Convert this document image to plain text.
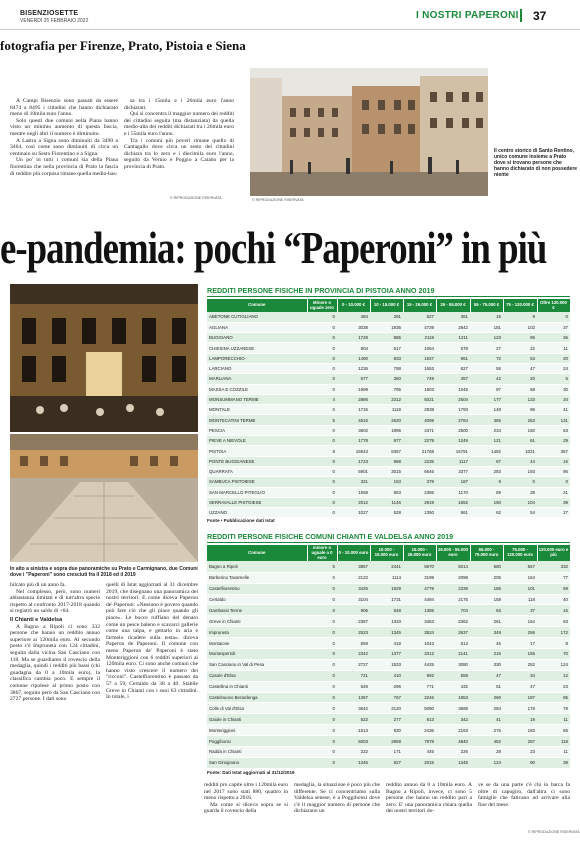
BISENZIOSETTE
VENERDÌ 25 FEBBRAIO 2022	I NOSTRI PAPERONI 37
fotografia per Firenze, Prato, Pistoia e Siena

A Campi Bisenzio sono passati da essere 8474 a 8495 i cittadini che hanno dichiarato meno di 10mila euro l'anno.

Solo questi due comuni nella Piana hanno visto un minimo aumento di questa fascia, mentre negli altri il numero è diminuito.

A Lastra a Signa sono diminuiti da 3490 a 3464, così come sono diminuiti di circa un centinaio su Sesto Fiorentino e a Signa.

Un po' in tutti i comuni sia della Piana fiorentina che nella provincia di Prato la fascia di reddito più corposa rimane quella medio-bas-

sa tra i 15mila e i 26mila euro l'anno dichiarati.

Qui si concentra il maggior numero dei redditi dei cittadini seguita (ma distanziata) da quella medio-alta dei redditi dichiarati tra i 26mila euro e i 55mila euro l'anno.

Tra i comuni più poveri rimane quello di Cantagallo dove circa un sesto dei cittadini dichiara tra lo zero e i diecimila euro l'anno, seguito da Vernio e Poggio a Caiano per la provincia di Prato.

© RIPRODUZIONE RISERVATA
Il centro storico di Santo Rentino, unico comune insieme a Prato dove si trovano persone che hanno dichiarato di non possedere niente
© RIPRODUZIONE RISERVATA
e-pandemia: pochi “Paperoni” in più
In alto a sinistra e sopra due panoramiche su Prato e Carmignano, due Comuni dove i "Paperoni" sono cresciuti fra il 2018 ed il 2019

bilcato più di un anno fa.

Nel complesso, però, sono numeri abbastanza limitati e di tutt'altra specie rispetto al confronto 2017-2018 quando si registrò un saldo di +84.

Il Chianti e Valdelsa

A Bagno a Ripoli ci sono 332 persone che hanno un reddito annuo superiore ai 120mila euro. Al secondo posto c'è Impruneta con 124 cittadini, seguita dalla vicina San Casciano con 118. Ma se guardiamo il rovescio della medaglia, quindi i redditi più bassi (chi guadagna da 0 a 10mila euro), la classifica cambia poco. E sempre il comune ripolese al primo posto con 3867, seguito però da San Casciano con 2727 persone. I dati sono

quelli di Istat aggiornati al 31 dicembre 2019, che disegnano una panoramica dei nostri territori. E come diceva Paperon de' Paperoni: «Nessuno è povero quando può fare ciò che gli piace quando gli piace». Le bocce ruffiano del denaro come un pesce baleno e scavarci gallerie come una talpa, e gettarlo in aria e farmelo ricadere sulla testa». diceva Paperon de Paperoni. Il comune con meno Paperon de' Paperoni è stato Monteriggioni con 6 redditi superiori ai 120mila euro. Ci sono anche comuni che hanno visto crescere il numero dei "ricconi". Castelfiorentino è passato da 57 a 59, Certaldo da 38 a 40. Stabile Greve in Chianti con i suoi 63 cittadini. In totale, i

redditi pro capite oltre i 120mila euro nel 2017 sono stati 880, quattro in meno rispetto a 2016.

Ma come si diceva sopra se si guarda il rovescio della

medaglia, la situazione è poco più che differente. Se ci concentriamo sulla Valdelsa senese, è a Poggibonsi dove c'è il maggior numero di persone che dichiarano un

reddito annuo da 0 a 10mila euro. A Bagno a Ripoli, invece, ci sono 5 persone che hanno un reddito pari a zero. E' una panoramica chiara quella dei nostri territori do-

ve se da una parte c'è chi in barca fa oltre di capogiro, dall'altra ci sono famiglie che faticano ad arrivare alla fine del mese.

© RIPRODUZIONE RISERVATA
REDDITI PERSONE FISICHE IN PROVINCIA DI PISTOIA ANNO 2019
Comune	Minore o uguale zero	0 - 10.000 €	10 - 15.000 €	15 - 26.000 €	26 - 55.000 €	55 - 75.000 €	75 - 120.000 €	Oltre 120.000 €
ABETONE CUTIGLIANO	0	484	291	527	361	15	9	0
AGLIANA	0	3038	1936	4739	2842	181	102	37
BUGGIANO	0	1728	885	2119	1211	123	95	36
CHIESINA UZZANESE	0	904	517	1064	578	27	22	11
LAMPORECCHIO	0	1490	833	1927	961	72	53	20
LARCIANO	0	1236	788	1653	827	55	47	24
MARLIANA	0	677	360	749	457	42	20	5
MASSA E COZZILE	0	1599	785	1903	1045	97	58	30
MONSUMMANO TERME	4	2886	2312	5021	2504	177	133	34
MONTALE	0	1715	1119	2938	1793	148	96	41
MONTECATINI TERME	5	4515	2620	4099	2784	365	263	131
PESCIA	0	3602	1995	4371	2500	234	150	63
PIEVE A NIEVOLE	0	1778	977	2279	1249	121	61	29
PISTOIA	8	15643	8367	21768	15791	1492	1021	367
PONTE BUGGIANESE	0	1723	988	2235	1117	67	44	16
QUARRATA	0	5901	3015	6646	3377	283	193	95
SAMBUCA PISTOIESE	0	321	153	379	187	9	0	0
SAN MARCELLO PITEGLIO	0	1558	953	2386	1170	69	28	21
SERRAVALLE PISTOIESE	0	2012	1145	2919	1652	150	104	39
UZZANO	0	1027	528	1350	861	62	54	27
Fonte • Pubblicazione dati Istat
REDDITI PERSONE FISICHE COMUNI CHIANTI E VALDELSA ANNO 2019
Comune	minore o uguale a 0 euro	0 - 10.000 euro	10.000 - 15.000 euro	15.000 - 26.000 euro	26.000 - 55.000 euro	55.000 - 75.000 euro	75.000 - 120.000 euro	120.000 euro e più
Bagno a Ripoli	5	3867	2441	5970	5014	680	567	332
Barberino Tavarnelle	0	2122	1114	3199	2098	205	164	77
Castelfiorentino	0	3425	1929	4779	2339	186	101	59
Certaldo	0	3104	1731	4494	2175	158	118	40
Gambassi Terme	0	906	548	1386	704	63	37	15
Greve in Chianti	0	2367	1333	3463	2362	261	164	63
Impruneta	0	2523	1345	3524	2637	349	256	172
Montaione	0	659	419	1043	513	45	17	8
Montespertoli	0	2342	1377	3312	2141	216	155	70
San Casciano in Val di Pesa	0	2727	1533	4425	3080	330	252	124
Casole d'Elsa	0	721	410	992	559	47	34	12
Castellina in Chianti	0	549	296	771	432	51	47	23
Castelnuovo Berardenga	0	1357	767	2246	1853	260	187	85
Colle di Val d'Elsa	0	3642	2120	5090	3695	284	178	79
Gaiole in Chianti	0	522	277	813	342	41	19	11
Monteriggioni	0	1513	920	2436	2163	276	183	65
Poggibonsi	0	5003	2858	7978	4840	452	287	119
Radda in Chianti	0	322	171	445	226	28	23	11
San Gimignano	0	1346	827	2015	1346	124	90	39
Fonte: Dati Istat aggiornati al 31/12/2019
